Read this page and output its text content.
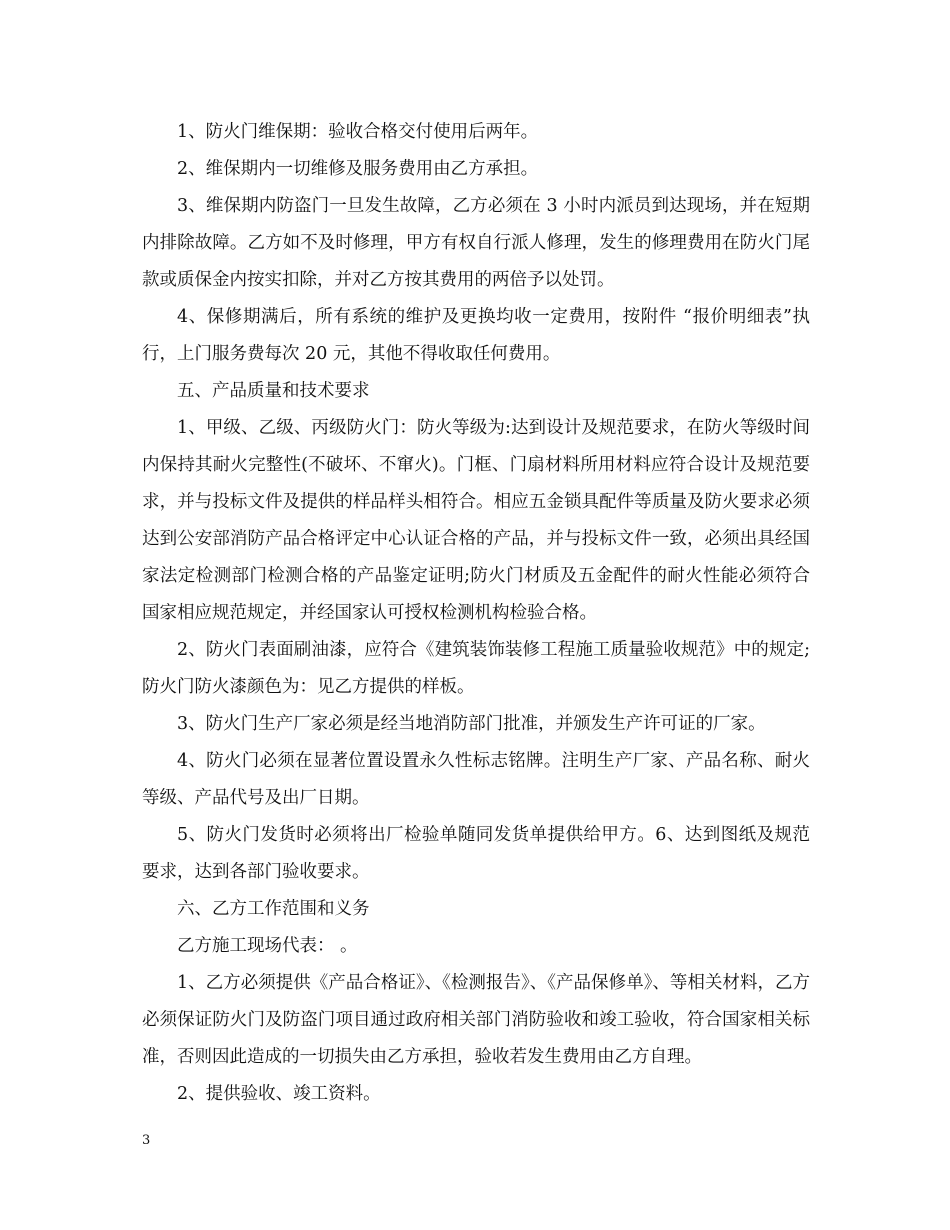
1、防火门维保期：验收合格交付使用后两年。

2、维保期内一切维修及服务费用由乙方承担。

3、维保期内防盗门一旦发生故障，乙方必须在 3 小时内派员到达现场，并在短期内排除故障。乙方如不及时修理，甲方有权自行派人修理，发生的修理费用在防火门尾款或质保金内按实扣除，并对乙方按其费用的两倍予以处罚。

4、保修期满后，所有系统的维护及更换均收一定费用，按附件 “报价明细表”执行，上门服务费每次 20 元，其他不得收取任何费用。

五、产品质量和技术要求

1、甲级、乙级、丙级防火门：防火等级为:达到设计及规范要求，在防火等级时间内保持其耐火完整性(不破坏、不窜火)。门框、门扇材料所用材料应符合设计及规范要求，并与投标文件及提供的样品样头相符合。相应五金锁具配件等质量及防火要求必须达到公安部消防产品合格评定中心认证合格的产品，并与投标文件一致，必须出具经国家法定检测部门检测合格的产品鉴定证明;防火门材质及五金配件的耐火性能必须符合国家相应规范规定，并经国家认可授权检测机构检验合格。

2、防火门表面刷油漆，应符合《建筑装饰装修工程施工质量验收规范》中的规定;防火门防火漆颜色为：见乙方提供的样板。

3、防火门生产厂家必须是经当地消防部门批准，并颁发生产许可证的厂家。

4、防火门必须在显著位置设置永久性标志铭牌。注明生产厂家、产品名称、耐火等级、产品代号及出厂日期。

5、防火门发货时必须将出厂检验单随同发货单提供给甲方。6、达到图纸及规范要求，达到各部门验收要求。

六、乙方工作范围和义务

乙方施工现场代表： 。

1、乙方必须提供《产品合格证》、《检测报告》、《产品保修单》、等相关材料，乙方必须保证防火门及防盗门项目通过政府相关部门消防验收和竣工验收，符合国家相关标准，否则因此造成的一切损失由乙方承担，验收若发生费用由乙方自理。

2、提供验收、竣工资料。

3
